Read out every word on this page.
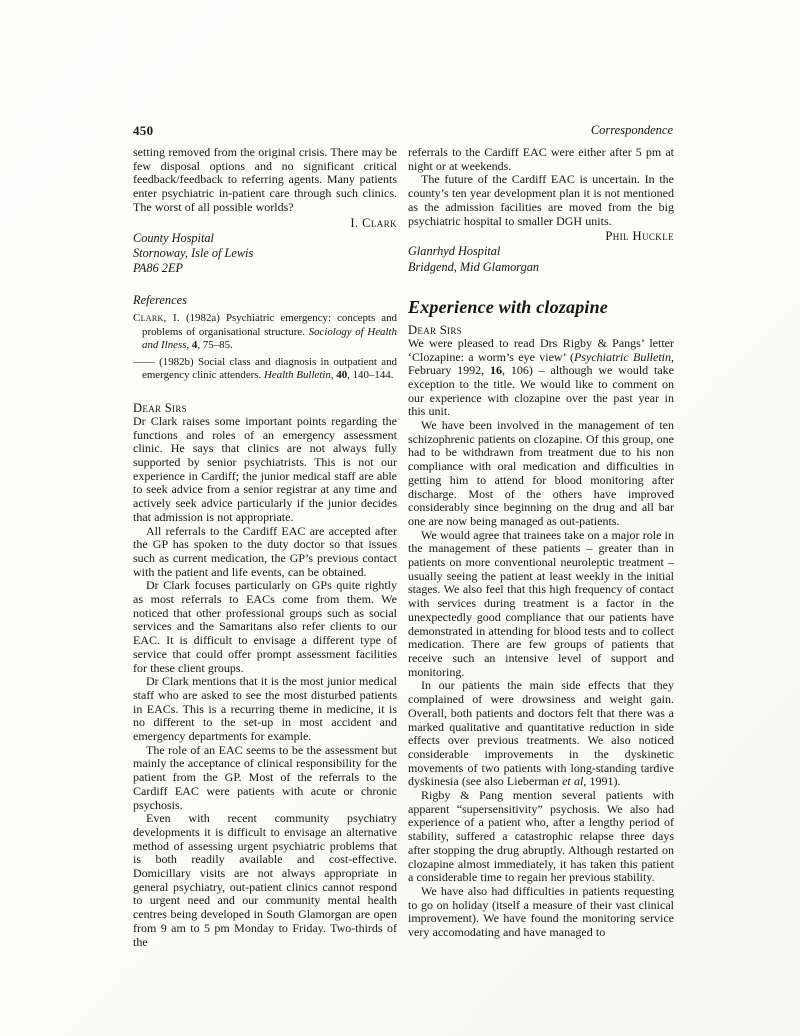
450	Correspondence

setting removed from the original crisis. There may be few disposal options and no significant critical feedback/feedback to referring agents. Many patients enter psychiatric in-patient care through such clinics. The worst of all possible worlds?

I. Clark
County Hospital
Stornoway, Isle of Lewis
PA86 2EP
References
Clark, I. (1982a) Psychiatric emergency: concepts and problems of organisational structure. Sociology of Health and Ilness, 4, 75–85.
—— (1982b) Social class and diagnosis in outpatient and emergency clinic attenders. Health Bulletin, 40, 140–144.
Dear Sirs

Dr Clark raises some important points regarding the functions and roles of an emergency assessment clinic. He says that clinics are not always fully supported by senior psychiatrists. This is not our experience in Cardiff; the junior medical staff are able to seek advice from a senior registrar at any time and actively seek advice particularly if the junior decides that admission is not appropriate.

All referrals to the Cardiff EAC are accepted after the GP has spoken to the duty doctor so that issues such as current medication, the GP’s previous contact with the patient and life events, can be obtained.

Dr Clark focuses particularly on GPs quite rightly as most referrals to EACs come from them. We noticed that other professional groups such as social services and the Samaritans also refer clients to our EAC. It is difficult to envisage a different type of service that could offer prompt assessment facilities for these client groups.

Dr Clark mentions that it is the most junior medical staff who are asked to see the most disturbed patients in EACs. This is a recurring theme in medicine, it is no different to the set-up in most accident and emergency departments for example.

The role of an EAC seems to be the assessment but mainly the acceptance of clinical responsibility for the patient from the GP. Most of the referrals to the Cardiff EAC were patients with acute or chronic psychosis.

Even with recent community psychiatry developments it is difficult to envisage an alternative method of assessing urgent psychiatric problems that is both readily available and cost-effective. Domicillary visits are not always appropriate in general psychiatry, out-patient clinics cannot respond to urgent need and our community mental health centres being developed in South Glamorgan are open from 9 am to 5 pm Monday to Friday. Two-thirds of the

referrals to the Cardiff EAC were either after 5 pm at night or at weekends.

The future of the Cardiff EAC is uncertain. In the county’s ten year development plan it is not mentioned as the admission facilities are moved from the big psychiatric hospital to smaller DGH units.

Phil Huckle
Glanrhyd Hospital
Bridgend, Mid Glamorgan
Experience with clozapine
Dear Sirs

We were pleased to read Drs Rigby & Pangs’ letter ‘Clozapine: a worm’s eye view’ (Psychiatric Bulletin, February 1992, 16, 106) – although we would take exception to the title. We would like to comment on our experience with clozapine over the past year in this unit.

We have been involved in the management of ten schizophrenic patients on clozapine. Of this group, one had to be withdrawn from treatment due to his non compliance with oral medication and difficulties in getting him to attend for blood monitoring after discharge. Most of the others have improved considerably since beginning on the drug and all bar one are now being managed as out-patients.

We would agree that trainees take on a major role in the management of these patients – greater than in patients on more conventional neuroleptic treatment – usually seeing the patient at least weekly in the initial stages. We also feel that this high frequency of contact with services during treatment is a factor in the unexpectedly good compliance that our patients have demonstrated in attending for blood tests and to collect medication. There are few groups of patients that receive such an intensive level of support and monitoring.

In our patients the main side effects that they complained of were drowsiness and weight gain. Overall, both patients and doctors felt that there was a marked qualitative and quantitative reduction in side effects over previous treatments. We also noticed considerable improvements in the dyskinetic movements of two patients with long-standing tardive dyskinesia (see also Lieberman et al, 1991).

Rigby & Pang mention several patients with apparent “supersensitivity” psychosis. We also had experience of a patient who, after a lengthy period of stability, suffered a catastrophic relapse three days after stopping the drug abruptly. Although restarted on clozapine almost immediately, it has taken this patient a considerable time to regain her previous stability.

We have also had difficulties in patients requesting to go on holiday (itself a measure of their vast clinical improvement). We have found the monitoring service very accomodating and have managed to
